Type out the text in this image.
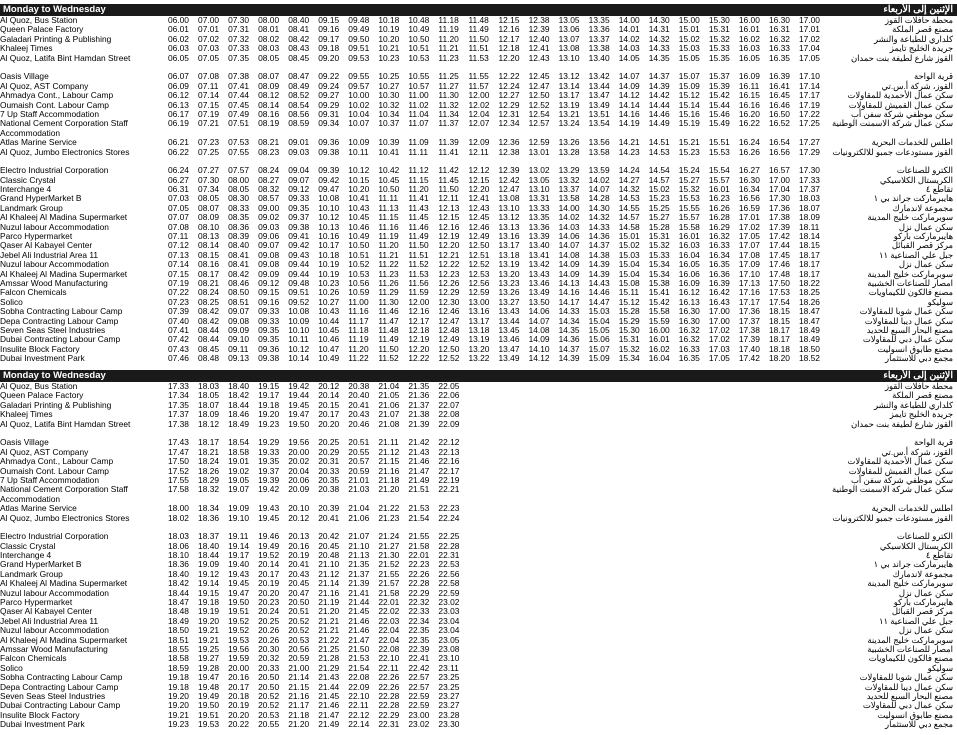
Monday to Wednesday	الإثنين إلى الأربعاء
Al Quoz, Bus Station	06.00 07.00 07.30 08.00 08.40 09.15 09.48 10.18 10.48 11.18 11.48 12.15 12.38 13.05 13.35 14.00 14.30 15.00 15.30 16.00 16.30 17.00	محطة حافلات القوز
Queen Palace Factory	06.01 07.01 07.31 08.01 08.41 09.16 09.49 10.19 10.49 11.19 11.49 12.16 12.39 13.06 13.36 14.01 14.31 15.01 15.31 16.01 16.31 17.01	مصنع قصر الملكة
Galadari Printing & Publishing	06.02 07.02 07.32 08.02 08.42 09.17 09.50 10.20 10.50 11.20 11.50 12.17 12.40 13.07 13.37 14.02 14.32 15.02 15.32 16.02 16.32 17.02	كلداري للطباعة والنشر
Khaleej Times	06.03 07.03 07.33 08.03 08.43 09.18 09.51 10.21 10.51 11.21 11.51 12.18 12.41 13.08 13.38 14.03 14.33 15.03 15.33 16.03 16.33 17.04	جريدة الخليج تايمز
Al Quoz, Latifa Bint Hamdan Street	06.05 07.05 07.35 08.05 08.45 09.20 09.53 10.23 10.53 11.23 11.53 12.20 12.43 13.10 13.40 14.05 14.35 15.05 15.35 16.05 16.35 17.05	القوز شارع لطيفة بنت حمدان
Oasis Village	06.07 07.08 07.38 08.07 08.47 09.22 09.55 10.25 10.55 11.25 11.55 12.22 12.45 13.12 13.42 14.07 14.37 15.07 15.37 16.09 16.39 17.10	قرية الواحة
Al Quoz, AST Company	06.09 07.11 07.41 08.09 08.49 09.24 09.57 10.27 10.57 11.27 11.57 12.24 12.47 13.14 13.44 14.09 14.39 15.09 15.39 16.11 16.41 17.14	القوز، شركة أ.س.تي
Ahmadya Cont., Labour Camp	06.12 07.14 07.44 08.12 08.52 09.27 10.00 10.30 11.00 11.30 12.00 12.27 12.50 13.17 13.47 14.12 14.42 15.12 15.42 16.15 16.45 17.17	سكن عمال الأحمدية للمقاولات
Oumaish Cont. Labour Camp	06.13 07.15 07.45 08.14 08.54 09.29 10.02 10.32 11.02 11.32 12.02 12.29 12.52 13.19 13.49 14.14 14.44 15.14 15.44 16.16 16.46 17.19	سكن عمال القميش للمقاولات
7 Up Staff Accommodation	06.17 07.19 07.49 08.16 08.56 09.31 10.04 10.34 11.04 11.34 12.04 12.31 12.54 13.21 13.51 14.16 14.46 15.16 15.46 16.20 16.50 17.22	سكن موظفي شركة سفن أب
National Cement Corporation Staff Accommodation
06.19 07.21 07.51 08.19 08.59 09.34 10.07 10.37 11.07 11.37 12.07 12.34 12.57 13.24 13.54 14.19 14.49 15.19 15.49 16.22 16.52 17.25	سكن عمال شركة الاسمنت الوطنية
Atlas Marine Service	06.21 07.23 07.53 08.21 09.01 09.36 10.09 10.39 11.09 11.39 12.09 12.36 12.59 13.26 13.56 14.21 14.51 15.21 15.51 16.24 16.54 17.27	اطلس للخدمات البحرية
Al Quoz, Jumbo Electronics Stores	06.22 07.25 07.55 08.23 09.03 09.38 10.11 10.41 11.11 11.41 12.11 12.38 13.01 13.28 13.58 14.23 14.53 15.23 15.53 16.26 16.56 17.29	القوز مستودعات جمبو للالكترونيات
Electro Industrial Corporation	06.24 07.27 07.57 08.24 09.04 09.39 10.12 10.42 11.12 11.42 12.12 12.39 13.02 13.29 13.59 14.24 14.54 15.24 15.54 16.27 16.57 17.30	الكترو للصناعات
Classic Crystal	06.27 07.30 08.00 08.27 09.07 09.42 10.15 10.45 11.15 11.45 12.15 12.42 13.05 13.32 14.02 14.27 14.57 15.27 15.57 16.30 17.00 17.33	الكريستال الكلاسيكي
Interchange 4	06.31 07.34 08.05 08.32 09.12 09.47 10.20 10.50 11.20 11.50 12.20 12.47 13.10 13.37 14.07 14.32 15.02 15.32 16.01 16.34 17.04 17.37	تقاطع ٤
Grand HyperMarket B	07.03 08.05 08.30 08.57 09.33 10.08 10.41 11.11 11.41 12.11 12.41 13.08 13.31 13.58 14.28 14.53 15.23 15.53 16.23 16.56 17.30 18.03	هايبرماركت جراند بي ١
Landmark Group	07.05 08.07 08.33 09.00 09.35 10.10 10.43 11.13 11.43 12.13 12.43 13.10 13.33 14.00 14.30 14.55 15.25 15.55 16.26 16.59 17.36 18.07	مجموعة لاندمارك
Al Khaleej Al Madina Supermarket	07.07 08.09 08.35 09.02 09.37 10.12 10.45 11.15 11.45 12.15 12.45 13.12 13.35 14.02 14.32 14.57 15.27 15.57 16.28 17.01 17.38 18.09	سوبرماركت خليج المدينة
Nuzul labour Accommodation	07.08 08.10 08.36 09.03 09.38 10.13 10.46 11.16 11.46 12.16 12.46 13.13 13.36 14.03 14.33 14.58 15.28 15.58 16.29 17.02 17.39 18.11	سكن عمال نزل
Parco Hypermarket	07.11 08.13 08.39 09.06 09.41 10.16 10.49 11.19 11.49 12.19 12.49 13.16 13.39 14.06 14.36 15.01 15.31 16.01 16.32 17.05 17.42 18.14	هايبرماركت باركو
Qaser Al Kabayel Center	07.12 08.14 08.40 09.07 09.42 10.17 10.50 11.20 11.50 12.20 12.50 13.17 13.40 14.07 14.37 15.02 15.32 16.03 16.33 17.07 17.44 18.15	مركز قصر القبائل
Jebel Ali Industrial Area 11	07.13 08.15 08.41 09.08 09.43 10.18 10.51 11.21 11.51 12.21 12.51 13.18 13.41 14.08 14.38 15.03 15.33 16.04 16.34 17.08 17.45 18.17	جبل علي الصناعية ١١
Nuzul labour Accommodation	07.14 08.16 08.41 09.08 09.44 10.19 10.52 11.22 11.52 12.22 12.52 13.19 13.42 14.09 14.39 15.04 15.34 16.05 16.35 17.09 17.46 18.17	سكن عمال نزل
Al Khaleej Al Madina Supermarket	07.15 08.17 08.42 09.09 09.44 10.19 10.53 11.23 11.53 12.23 12.53 13.20 13.43 14.09 14.39 15.04 15.34 16.06 16.36 17.10 17.48 18.17	سوبرماركت خليج المدينة
Amssar Wood Manufacturing	07.19 08.21 08.46 09.12 09.48 10.23 10.56 11.26 11.56 12.26 12.56 13.23 13.46 14.13 14.43 15.08 15.38 16.09 16.39 17.13 17.50 18.22	امصار للصناعات الخشبية
Falcon Chemicals	07.22 08.24 08.50 09.15 09.51 10.26 10.59 11.29 11.59 12.29 12.59 13.26 13.49 14.16 14.46 15.11 15.41 16.12 16.42 17.16 17.53 18.25	مصنع فالكون للكيماويات
Solico	07.23 08.25 08.51 09.16 09.52 10.27 11.00 11.30 12.00 12.30 13.00 13.27 13.50 14.17 14.47 15.12 15.42 16.13 16.43 17.17 17.54 18.26	سوليكو
Sobha Contracting Labour Camp	07.39 08.42 09.07 09.33 10.08 10.43 11.16 11.46 12.16 12.46 13.16 13.43 14.06 14.33 15.03 15.28 15.58 16.30 17.00 17.36 18.15 18.47	سكن عمال شوبا للمقاولات
Depa Contracting Labour Camp	07.40 08.42 09.08 09.33 10.09 10.44 11.17 11.47 12.17 12.47 13.17 13.44 14.07 14.34 15.04 15.29 15.59 16.30 17.00 17.37 18.15 18.47	سكن عمال ديبا للمقاولات
Seven Seas Steel Industries	07.41 08.44 09.09 09.35 10.10 10.45 11.18 11.48 12.18 12.48 13.18 13.45 14.08 14.35 15.05 15.30 16.00 16.32 17.02 17.38 18.17 18.49	مصنع البحار السبع للحديد
Dubai Contracting Labour Camp	07.42 08.44 09.10 09.35 10.11 10.46 11.19 11.49 12.19 12.49 13.19 13.46 14.09 14.36 15.06 15.31 16.01 16.32 17.02 17.39 18.17 18.49	سكن عمال دبي للمقاولات
Insulite Block Factory	07.43 08.45 09.11 09.36 10.12 10.47 11.20 11.50 12.20 12.50 13.20 13.47 14.10 14.37 15.07 15.32 16.02 16.33 17.03 17.40 18.18 18.50	مصنع طابوق انسوليت
Dubai Investment Park	07.46 08.48 09.13 09.38 10.14 10.49 11.22 11.52 12.22 12.52 13.22 13.49 14.12 14.39 15.09 15.34 16.04 16.35 17.05 17.42 18.20 18.52	مجمع دبي للاستثمار
Monday to Wednesday	الإثنين إلى الأربعاء
Al Quoz, Bus Station	17.33 18.03 18.40 19.15 19.42 20.12 20.38 21.04 21.35 22.05	محطة حافلات القوز
Queen Palace Factory	17.34 18.05 18.42 19.17 19.44 20.14 20.40 21.05 21.36 22.06	مصنع قصر الملكة
Galadari Printing & Publishing	17.35 18.07 18.44 19.18 19.45 20.15 20.41 21.06 21.37 22.07	كلداري للطباعة والنشر
Khaleej Times	17.37 18.09 18.46 19.20 19.47 20.17 20.43 21.07 21.38 22.08	جريدة الخليج تايمز
Al Quoz, Latifa Bint Hamdan Street	17.38 18.12 18.49 19.23 19.50 20.20 20.46 21.08 21.39 22.09	القوز شارع لطيفة بنت حمدان
Oasis Village	17.43 18.17 18.54 19.29 19.56 20.25 20.51 21.11 21.42 22.12	قرية الواحة
Al Quoz, AST Company	17.47 18.21 18.58 19.33 20.00 20.29 20.55 21.12 21.43 22.13	القوز، شركة أ.س.تي
Ahmadya Cont., Labour Camp	17.50 18.24 19.01 19.35 20.02 20.31 20.57 21.15 21.46 22.16	سكن عمال الأحمدية للمقاولات
Oumaish Cont. Labour Camp	17.52 18.26 19.02 19.37 20.04 20.33 20.59 21.16 21.47 22.17	سكن عمال القميش للمقاولات
7 Up Staff Accommodation	17.55 18.29 19.05 19.39 20.06 20.35 21.01 21.18 21.49 22.19	سكن موظفي شركة سفن أب
National Cement Corporation Staff Accommodation
17.58 18.32 19.07 19.42 20.09 20.38 21.03 21.20 21.51 22.21	سكن عمال شركة الاسمنت الوطنية
Atlas Marine Service	18.00 18.34 19.09 19.43 20.10 20.39 21.04 21.22 21.53 22.23	اطلس للخدمات البحرية
Al Quoz, Jumbo Electronics Stores	18.02 18.36 19.10 19.45 20.12 20.41 21.06 21.23 21.54 22.24	القوز مستودعات جمبو للالكترونيات
Electro Industrial Corporation	18.03 18.37 19.11 19.46 20.13 20.42 21.07 21.24 21.55 22.25	الكترو للصناعات
Classic Crystal	18.06 18.40 19.14 19.49 20.16 20.45 21.10 21.27 21.58 22.28	الكريستال الكلاسيكي
Interchange 4	18.10 18.44 19.17 19.52 20.19 20.48 21.13 21.30 22.01 22.31	تقاطع ٤
Grand HyperMarket B	18.36 19.09 19.40 20.14 20.41 21.10 21.35 21.52 22.23 22.53	هايبرماركت جراند بي ١
Landmark Group	18.40 19.12 19.43 20.17 20.43 21.12 21.37 21.55 22.26 22.56	مجموعة لاندمارك
Al Khaleej Al Madina Supermarket	18.42 19.14 19.45 20.19 20.45 21.14 21.39 21.57 22.28 22.58	سوبرماركت خليج المدينة
Nuzul labour Accommodation	18.44 19.15 19.47 20.20 20.47 21.16 21.41 21.58 22.29 22.59	سكن عمال نزل
Parco Hypermarket	18.47 19.18 19.50 20.23 20.50 21.19 21.44 22.01 22.32 23.02	هايبرماركت باركو
Qaser Al Kabayel Center	18.48 19.19 19.51 20.24 20.51 21.20 21.45 22.02 22.33 23.03	مركز قصر القبائل
Jebel Ali Industrial Area 11	18.49 19.20 19.52 20.25 20.52 21.21 21.46 22.03 22.34 23.04	جبل علي الصناعية ١١
Nuzul labour Accommodation	18.50 19.21 19.52 20.26 20.52 21.21 21.46 22.04 22.35 23.04	سكن عمال نزل
Al Khaleej Al Madina Supermarket	18.51 19.21 19.53 20.26 20.53 21.22 21.47 22.04 22.35 23.05	سوبرماركت خليج المدينة
Amssar Wood Manufacturing	18.55 19.25 19.56 20.30 20.56 21.25 21.50 22.08 22.39 23.08	امصار للصناعات الخشبية
Falcon Chemicals	18.58 19.27 19.59 20.32 20.59 21.28 21.53 22.10 22.41 23.10	مصنع فالكون للكيماويات
Solico	18.59 19.28 20.00 20.33 21.00 21.29 21.54 22.11 22.42 23.11	سوليكو
Sobha Contracting Labour Camp	19.18 19.47 20.16 20.50 21.14 21.43 22.08 22.26 22.57 23.25	سكن عمال شوبا للمقاولات
Depa Contracting Labour Camp	19.18 19.48 20.17 20.50 21.15 21.44 22.09 22.26 22.57 23.25	سكن عمال ديبا للمقاولات
Seven Seas Steel Industries	19.20 19.49 20.18 20.52 21.16 21.45 22.10 22.28 22.59 23.27	مصنع البحار السبع للحديد
Dubai Contracting Labour Camp	19.20 19.50 20.19 20.52 21.17 21.46 22.11 22.28 22.59 23.27	سكن عمال دبي للمقاولات
Insulite Block Factory	19.21 19.51 20.20 20.53 21.18 21.47 22.12 22.29 23.00 23.28	مصنع طابوق انسوليت
Dubai Investment Park	19.23 19.53 20.22 20.55 21.20 21.49 22.14 22.31 23.02 23.30	مجمع دبي للاستثمار
